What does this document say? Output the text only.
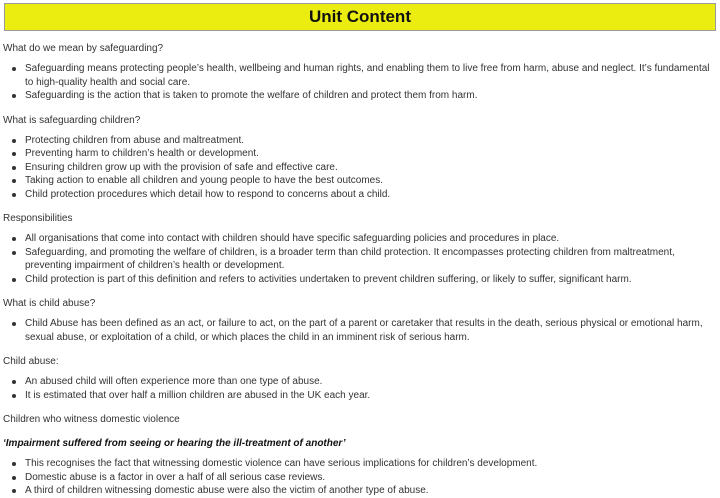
Unit Content
What do we mean by safeguarding?
Safeguarding means protecting people’s health, wellbeing and human rights, and enabling them to live free from harm, abuse and neglect. It’s fundamental to high-quality health and social care.
Safeguarding is the action that is taken to promote the welfare of children and protect them from harm.
What is safeguarding children?
Protecting children from abuse and maltreatment.
Preventing harm to children’s health or development.
Ensuring children grow up with the provision of safe and effective care.
Taking action to enable all children and young people to have the best outcomes.
Child protection procedures which detail how to respond to concerns about a child.
Responsibilities
All organisations that come into contact with children should have specific safeguarding policies and procedures in place.
Safeguarding, and promoting the welfare of children, is a broader term than child protection. It encompasses protecting children from maltreatment, preventing impairment of children’s health or development.
Child protection is part of this definition and refers to activities undertaken to prevent children suffering, or likely to suffer, significant harm.
What is child abuse?
Child Abuse has been defined as an act, or failure to act, on the part of a parent or caretaker that results in the death, serious physical or emotional harm, sexual abuse, or exploitation of a child, or which places the child in an imminent risk of serious harm.
Child abuse:
An abused child will often experience more than one type of abuse.
It is estimated that over half a million children are abused in the UK each year.
Children who witness domestic violence
‘Impairment suffered from seeing or hearing the ill-treatment of another’
This recognises the fact that witnessing domestic violence can have serious implications for children’s development.
Domestic abuse is a factor in over a half of all serious case reviews.
A third of children witnessing domestic abuse were also the victim of another type of abuse.
